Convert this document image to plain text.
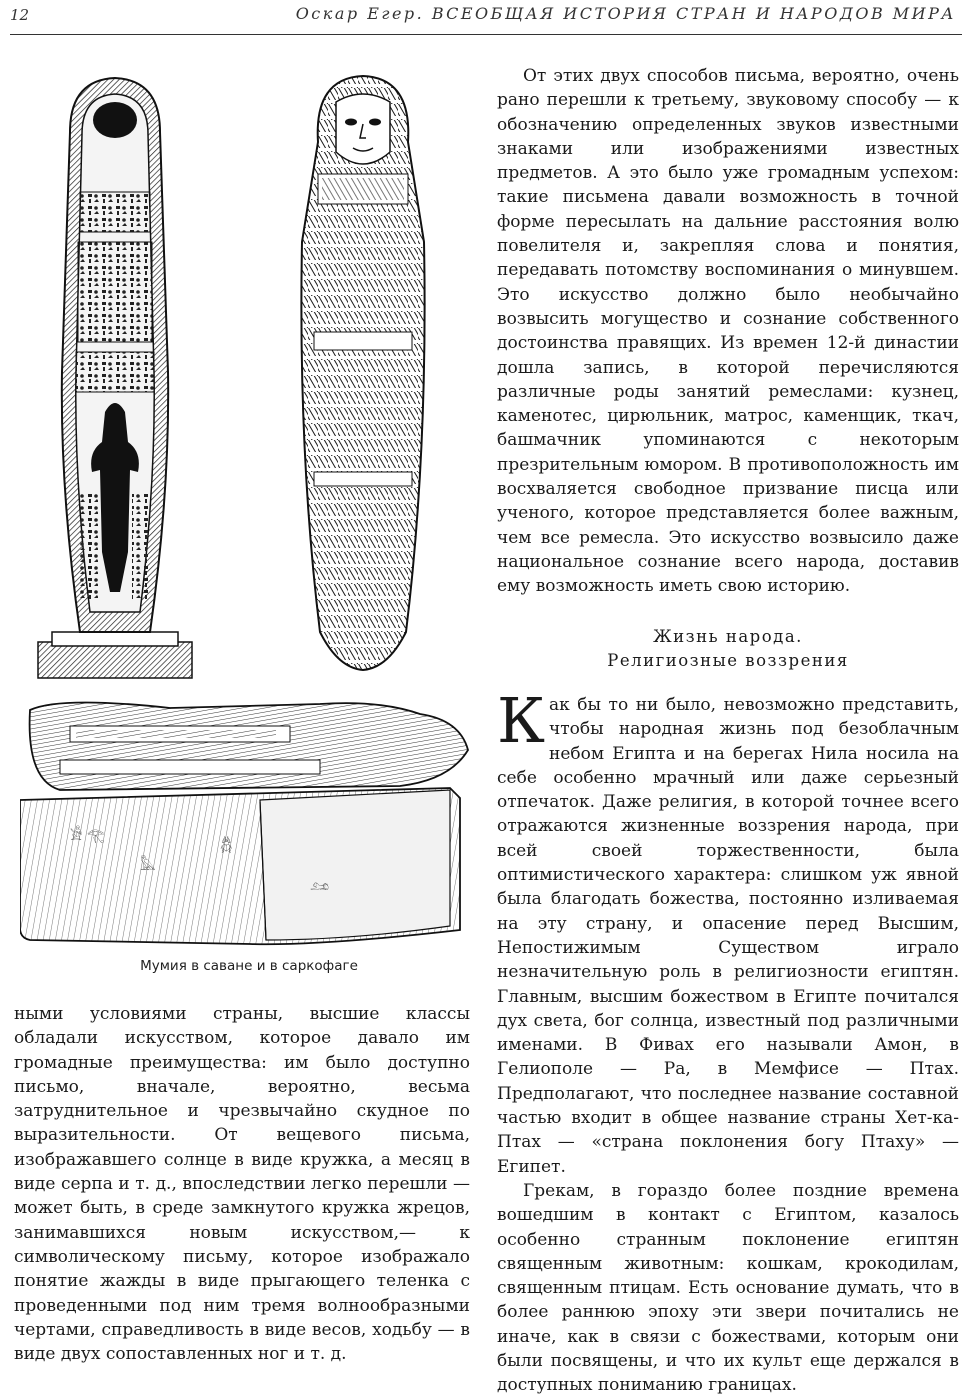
12	Оскар Егер. ВСЕОБЩАЯ ИСТОРИЯ СТРАН И НАРОДОВ МИРА
𓀀 𓂀
𓅓
𓆣
𓃭
Мумия в саване и в саркофаге

ными условиями страны, высшие классы обладали искусством, которое давало им громадные преимущества: им было доступно письмо, вначале, вероятно, весьма затруднительное и чрезвычайно скудное по выразительности. От вещевого письма, изображавшего солнце в виде кружка, а месяц в виде серпа и т. д., впоследствии легко перешли — может быть, в среде замкнутого кружка жрецов, занимавшихся новым искусством,— к символическому письму, которое изображало понятие жажды в виде прыгающего теленка с проведенными под ним тремя волнообразными чертами, справедливость в виде весов, ходьбу — в виде двух сопоставленных ног и т. д.

От этих двух способов письма, вероятно, очень рано перешли к третьему, звуковому способу — к обозначению определенных звуков известными знаками или изображениями известных предметов. А это было уже громадным успехом: такие письмена давали возможность в точной форме пересылать на дальние расстояния волю повелителя и, закрепляя слова и понятия, передавать потомству воспоминания о минувшем. Это искусство должно было необычайно возвысить могущество и сознание собственного достоинства правящих. Из времен 12-й династии дошла запись, в которой перечисляются различные роды занятий ремеслами: кузнец, каменотес, цирюльник, матрос, каменщик, ткач, башмачник упоминаются с некоторым презрительным юмором. В противоположность им восхваляется свободное призвание писца или ученого, которое представляется более важным, чем все ремесла. Это искусство возвысило даже национальное сознание всего народа, доставив ему возможность иметь свою историю.

Жизнь народа.
Религиозные воззрения

Как бы то ни было, невозможно представить, чтобы народная жизнь под безоблачным небом Египта и на берегах Нила носила на себе особенно мрачный или даже серьезный отпечаток. Даже религия, в которой точнее всего отражаются жизненные воззрения народа, при всей своей торжественности, была оптимистического характера: слишком уж явной была благодать божества, постоянно изливаемая на эту страну, и опасение перед Высшим, Непостижимым Существом играло незначительную роль в религиозности египтян. Главным, высшим божеством в Египте почитался дух света, бог солнца, известный под различными именами. В Фивах его называли Амон, в Гелиополе — Ра, в Мемфисе — Птах. Предполагают, что последнее название составной частью входит в общее название страны Хет-ка-Птах — «страна поклонения богу Птаху» — Египет.

Грекам, в гораздо более поздние времена вошедшим в контакт с Египтом, казалось особенно странным поклонение египтян священным животным: кошкам, крокодилам, священным птицам. Есть основание думать, что в более раннюю эпоху эти звери почитались не иначе, как в связи с божествами, которым они были посвящены, и что их культ еще держался в доступных пониманию границах.
